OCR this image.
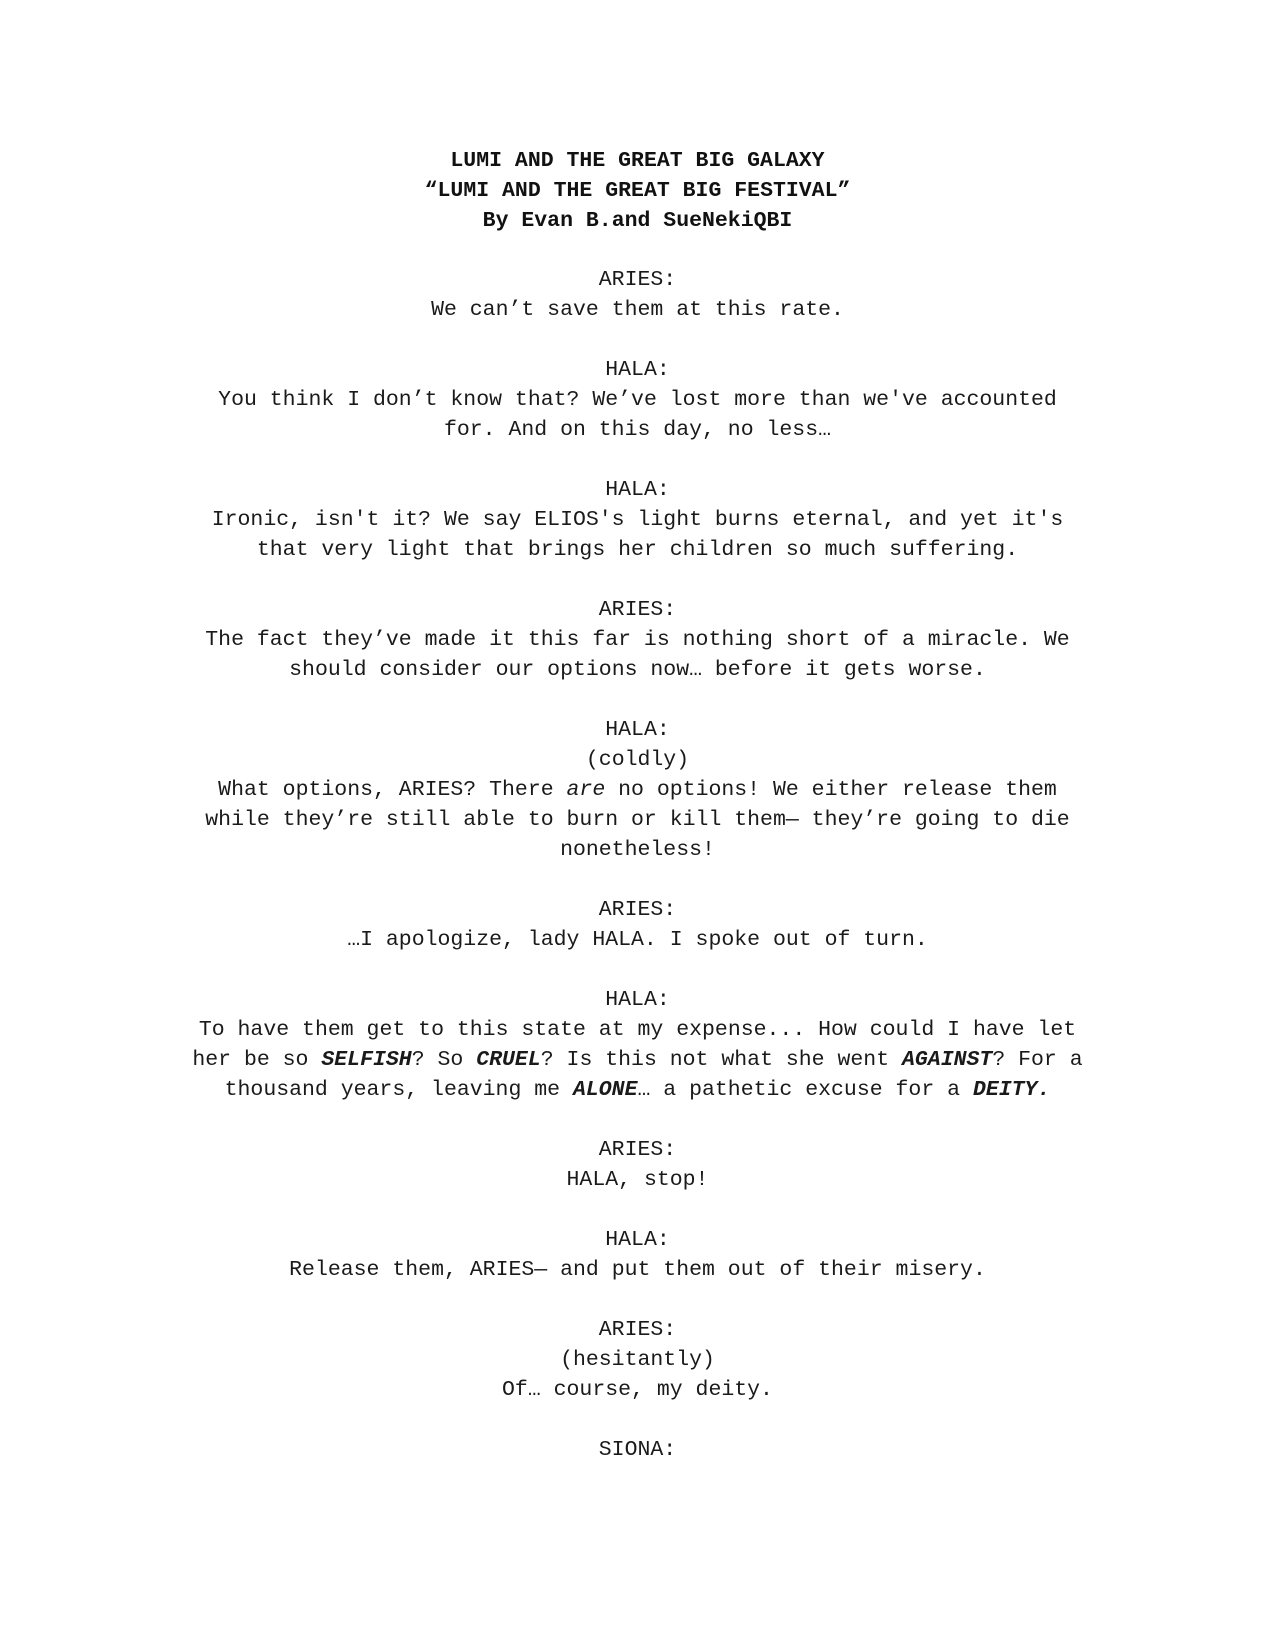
LUMI AND THE GREAT BIG GALAXY
“LUMI AND THE GREAT BIG FESTIVAL”
By Evan B.and SueNekiQBI
ARIES:
We can’t save them at this rate.
HALA:
You think I don’t know that? We’ve lost more than we've accounted
for. And on this day, no less…
HALA:
Ironic, isn't it? We say ELIOS's light burns eternal, and yet it's
that very light that brings her children so much suffering.
ARIES:
The fact they’ve made it this far is nothing short of a miracle. We
should consider our options now… before it gets worse.
HALA:
(coldly)
What options, ARIES? There are no options! We either release them
while they’re still able to burn or kill them— they’re going to die
nonetheless!
ARIES:
…I apologize, lady HALA. I spoke out of turn.
HALA:
To have them get to this state at my expense... How could I have let
her be so SELFISH? So CRUEL? Is this not what she went AGAINST? For a
thousand years, leaving me ALONE… a pathetic excuse for a DEITY.
ARIES:
HALA, stop!
HALA:
Release them, ARIES— and put them out of their misery.
ARIES:
(hesitantly)
Of… course, my deity.
SIONA:
